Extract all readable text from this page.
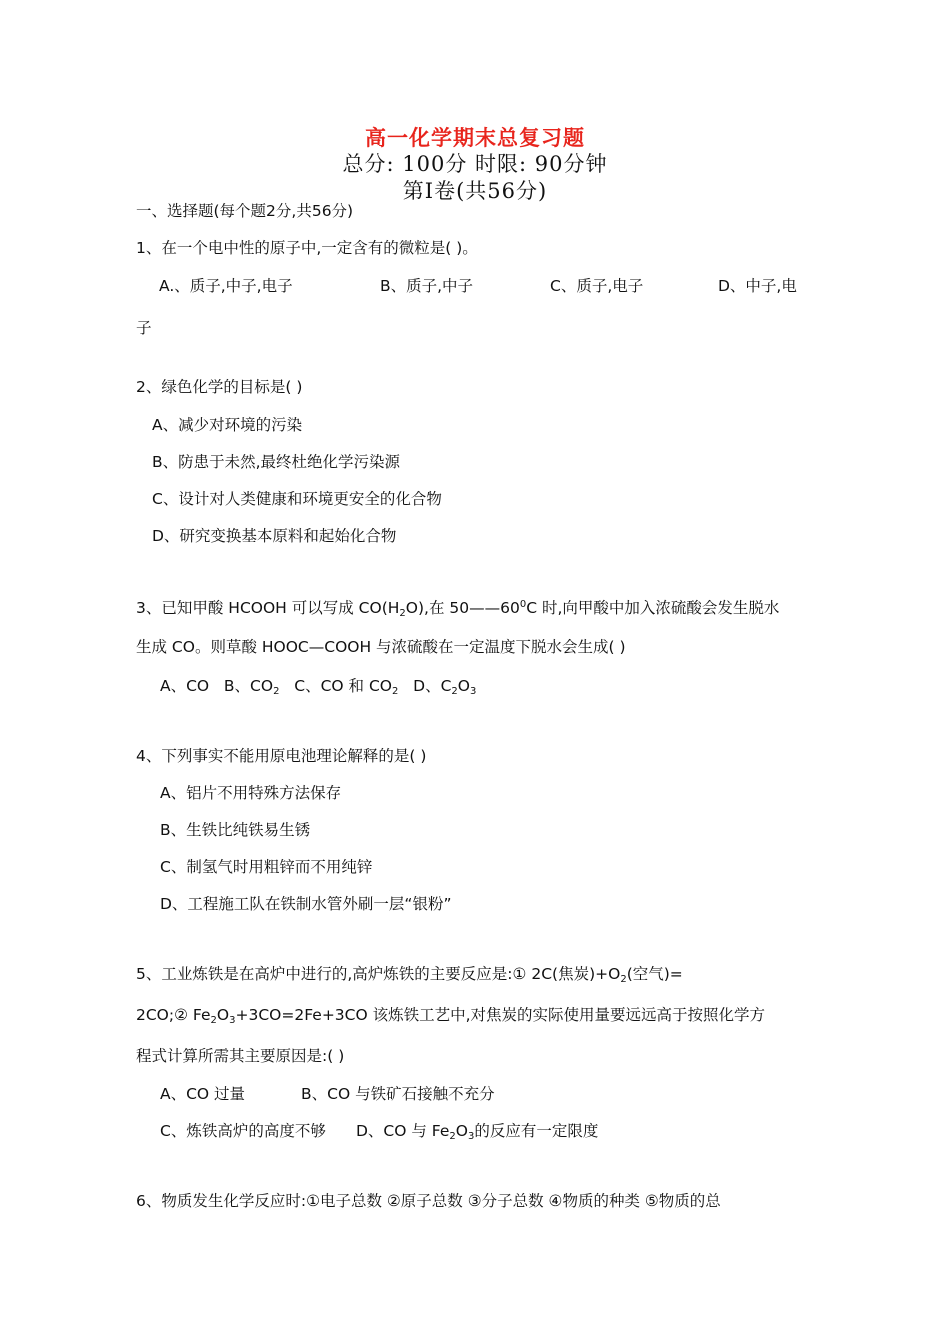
高一化学期末总复习题
总分: 100分 时限: 90分钟
第Ⅰ卷(共56分)
一、选择题(每个题2分,共56分)
1、在一个电中性的原子中,一定含有的微粒是( )。
A.、质子,中子,电子	B、质子,中子	C、质子,电子	D、中子,电
子
2、绿色化学的目标是( )
A、减少对环境的污染
B、防患于未然,最终杜绝化学污染源
C、设计对人类健康和环境更安全的化合物
D、研究变换基本原料和起始化合物
3、已知甲酸 HCOOH 可以写成 $CO(H_2O)$,在 $50——60^0C$ 时,向甲酸中加入浓硫酸会发生脱水
生成 CO。则草酸 HOOC—COOH 与浓硫酸在一定温度下脱水会生成( )
A、CO B、$CO_2$ C、CO 和 $CO_2$ D、$C_2O_3$
4、下列事实不能用原电池理论解释的是( )
A、铝片不用特殊方法保存
B、生铁比纯铁易生锈
C、制氢气时用粗锌而不用纯锌
D、工程施工队在铁制水管外刷一层“银粉”
5、工业炼铁是在高炉中进行的,高炉炼铁的主要反应是:① 2C(焦炭)$+O_2$(空气)=
2CO;② $Fe_2O_3+3CO=2Fe+3CO$ 该炼铁工艺中,对焦炭的实际使用量要远远高于按照化学方
程式计算所需其主要原因是:( )
A、CO 过量	B、CO 与铁矿石接触不充分
C、炼铁高炉的高度不够 D、CO 与 $Fe_2O_3$的反应有一定限度
6、物质发生化学反应时:①电子总数 ②原子总数 ③分子总数 ④物质的种类 ⑤物质的总
